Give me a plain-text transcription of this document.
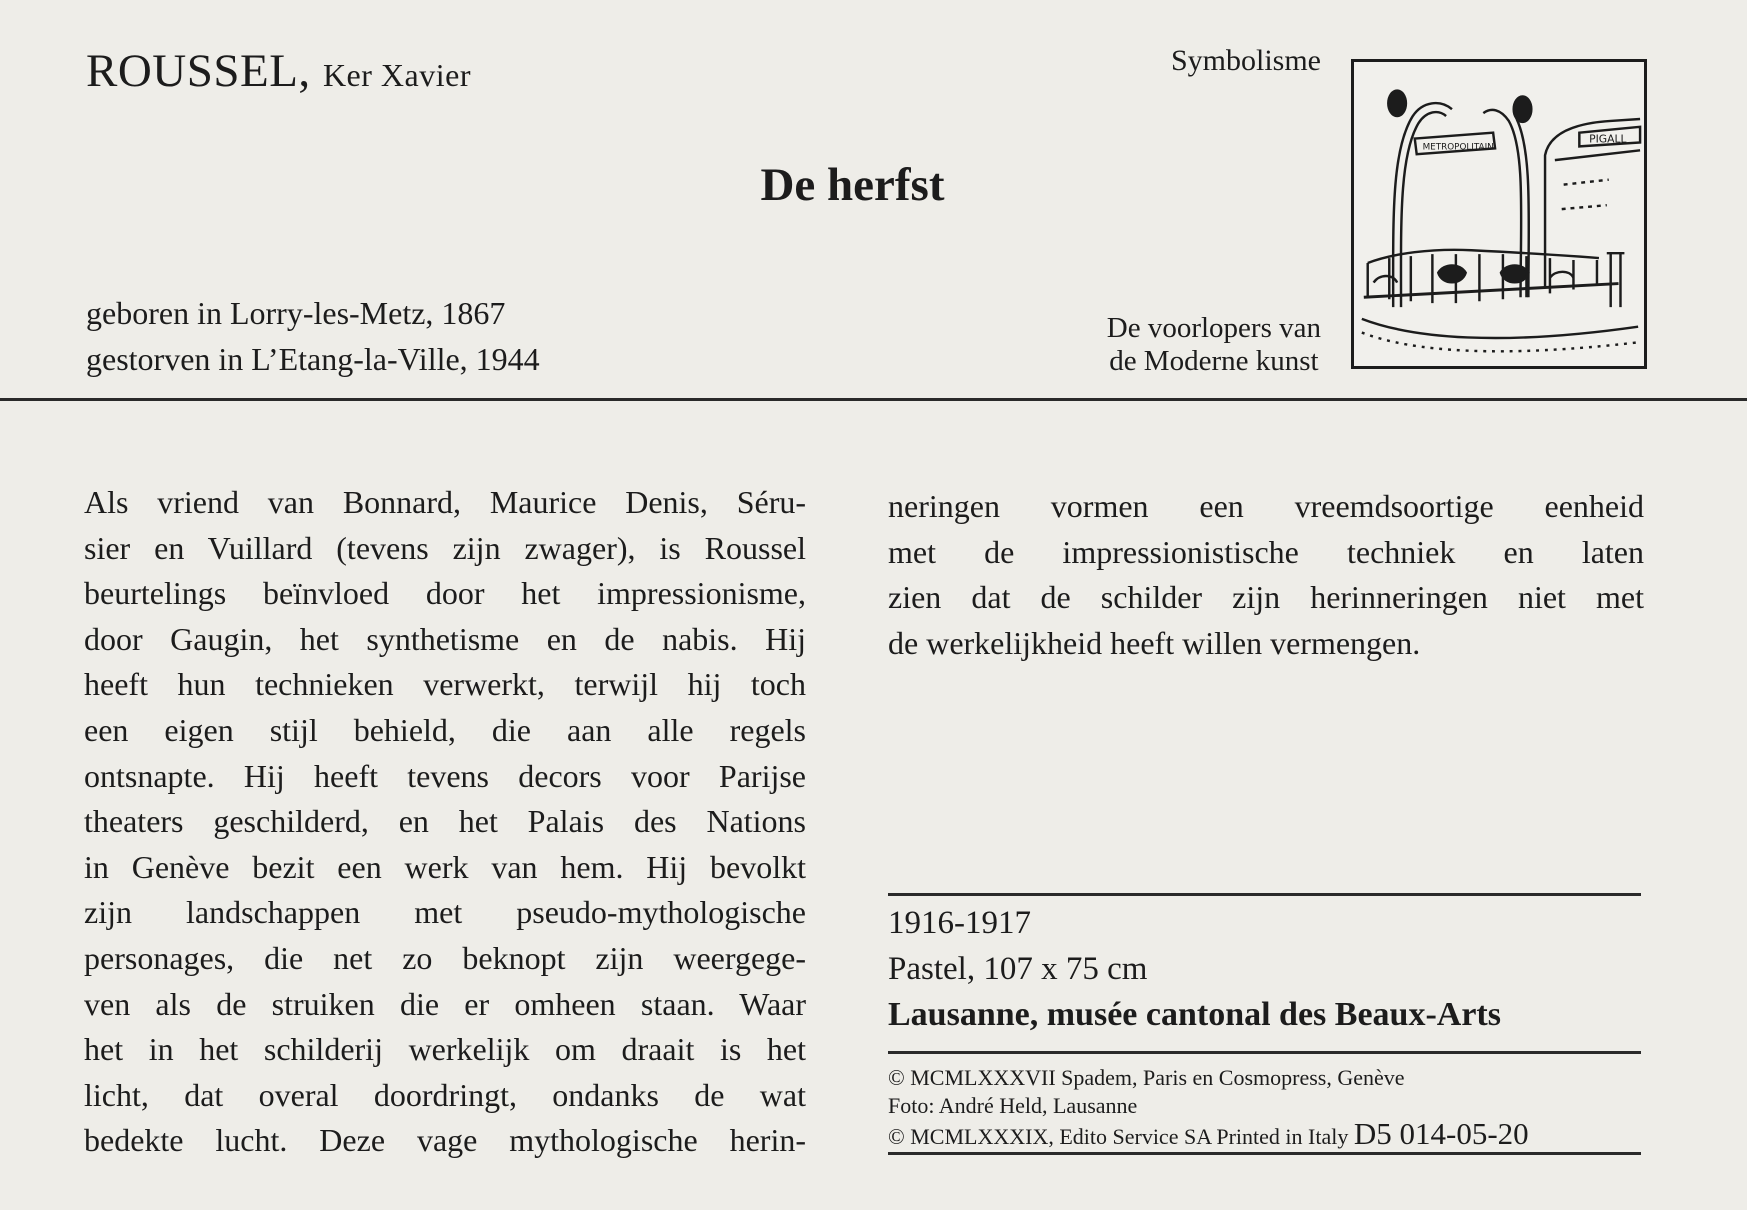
ROUSSEL, Ker Xavier	Symbolisme
De herfst
geboren in Lorry-les-Metz, 1867
gestorven in L’Etang-la-Ville, 1944
De voorlopers van
de Moderne kunst
METROPOLITAIN
PIGALL
Als vriend van Bonnard, Maurice Denis, Séru-
sier en Vuillard (tevens zijn zwager), is Roussel
beurtelings beïnvloed door het impressionisme,
door Gaugin, het synthetisme en de nabis. Hij
heeft hun technieken verwerkt, terwijl hij toch
een eigen stijl behield, die aan alle regels
ontsnapte. Hij heeft tevens decors voor Parijse
theaters geschilderd, en het Palais des Nations
in Genève bezit een werk van hem. Hij bevolkt
zijn landschappen met pseudo-mythologische
personages, die net zo beknopt zijn weergege-
ven als de struiken die er omheen staan. Waar
het in het schilderij werkelijk om draait is het
licht, dat overal doordringt, ondanks de wat
bedekte lucht. Deze vage mythologische herin-
neringen vormen een vreemdsoortige eenheid
met de impressionistische techniek en laten
zien dat de schilder zijn herinneringen niet met
de werkelijkheid heeft willen vermengen.
1916-1917
Pastel, 107 x 75 cm
Lausanne, musée cantonal des Beaux-Arts
© MCMLXXXVII Spadem, Paris en Cosmopress, Genève
Foto: André Held, Lausanne
© MCMLXXXIX, Edito Service SA Printed in Italy D5 014-05-20
